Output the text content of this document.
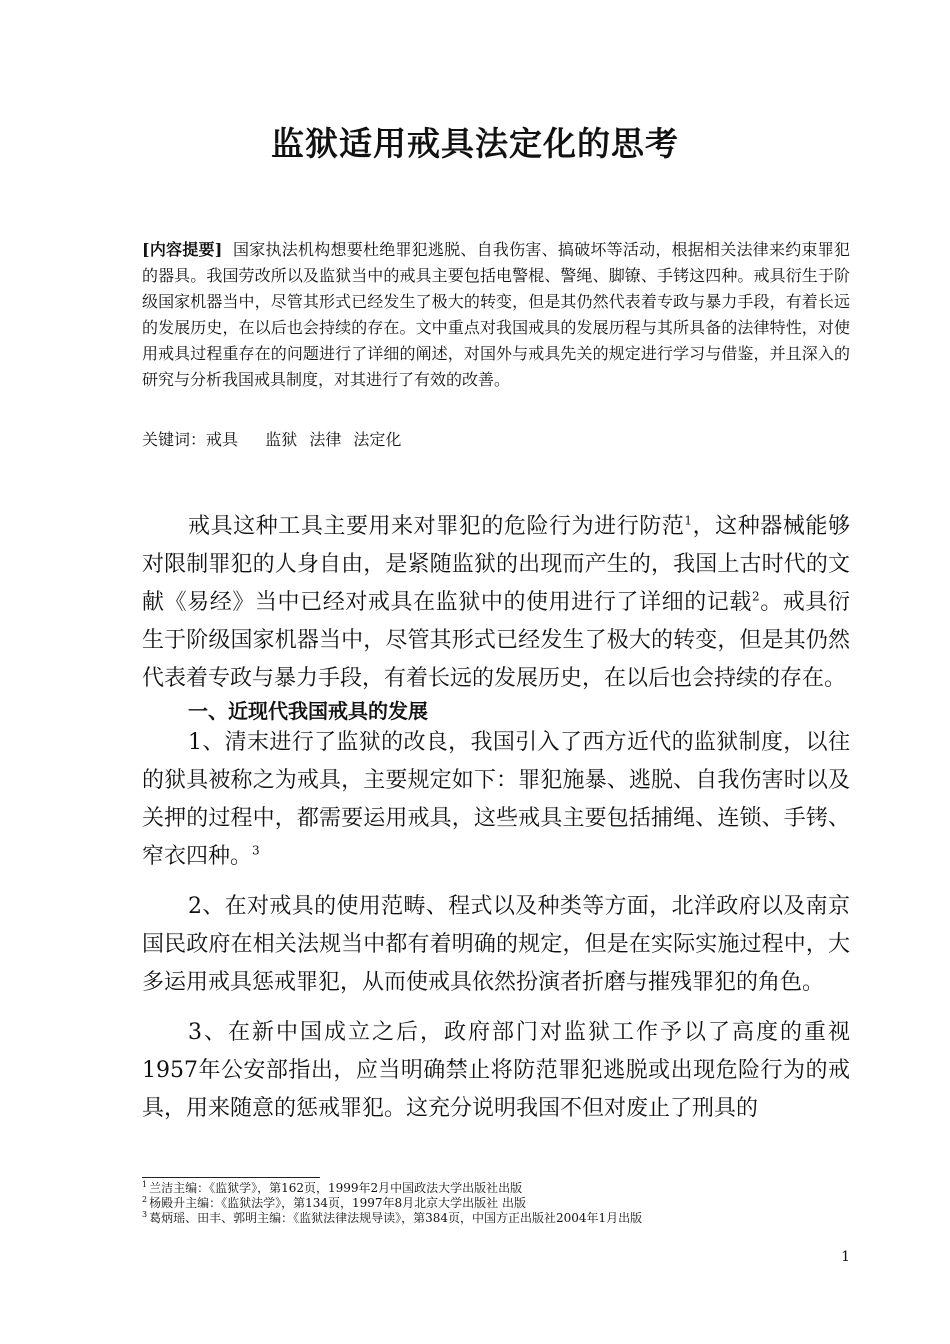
监狱适用戒具法定化的思考

[内容提要] 国家执法机构想要杜绝罪犯逃脱、自我伤害、搞破坏等活动，根据相关法律来约束罪犯的器具。我国劳改所以及监狱当中的戒具主要包括电警棍、警绳、脚镣、手铐这四种。戒具衍生于阶级国家机器当中，尽管其形式已经发生了极大的转变，但是其仍然代表着专政与暴力手段，有着长远的发展历史，在以后也会持续的存在。文中重点对我国戒具的发展历程与其所具备的法律特性，对使用戒具过程重存在的问题进行了详细的阐述，对国外与戒具先关的规定进行学习与借鉴，并且深入的研究与分析我国戒具制度，对其进行了有效的改善。

关键词：戒具 监狱 法律 法定化

戒具这种工具主要用来对罪犯的危险行为进行防范$^1$，这种器械能够对限制罪犯的人身自由，是紧随监狱的出现而产生的，我国上古时代的文献《易经》当中已经对戒具在监狱中的使用进行了详细的记载$^2$。戒具衍生于阶级国家机器当中，尽管其形式已经发生了极大的转变，但是其仍然代表着专政与暴力手段，有着长远的发展历史，在以后也会持续的存在。

一、近现代我国戒具的发展

1、清末进行了监狱的改良，我国引入了西方近代的监狱制度，以往的狱具被称之为戒具，主要规定如下：罪犯施暴、逃脱、自我伤害时以及关押的过程中，都需要运用戒具，这些戒具主要包括捕绳、连锁、手铐、窄衣四种。$^3$

2、在对戒具的使用范畴、程式以及种类等方面，北洋政府以及南京国民政府在相关法规当中都有着明确的规定，但是在实际实施过程中，大多运用戒具惩戒罪犯，从而使戒具依然扮演者折磨与摧残罪犯的角色。

3、在新中国成立之后，政府部门对监狱工作予以了高度的重视1957年公安部指出，应当明确禁止将防范罪犯逃脱或出现危险行为的戒具，用来随意的惩戒罪犯。这充分说明我国不但对废止了刑具的

$^1$ 兰洁主编：《监狱学》，第162页，1999年2月中国政法大学出版社出版

$^2$ 杨殿升主编：《监狱法学》，第134页，1997年8月北京大学出版社 出版

$^3$ 葛炳瑶、田丰、郭明主编：《监狱法律法规导读》，第384页，中国方正出版社2004年1月出版

1
